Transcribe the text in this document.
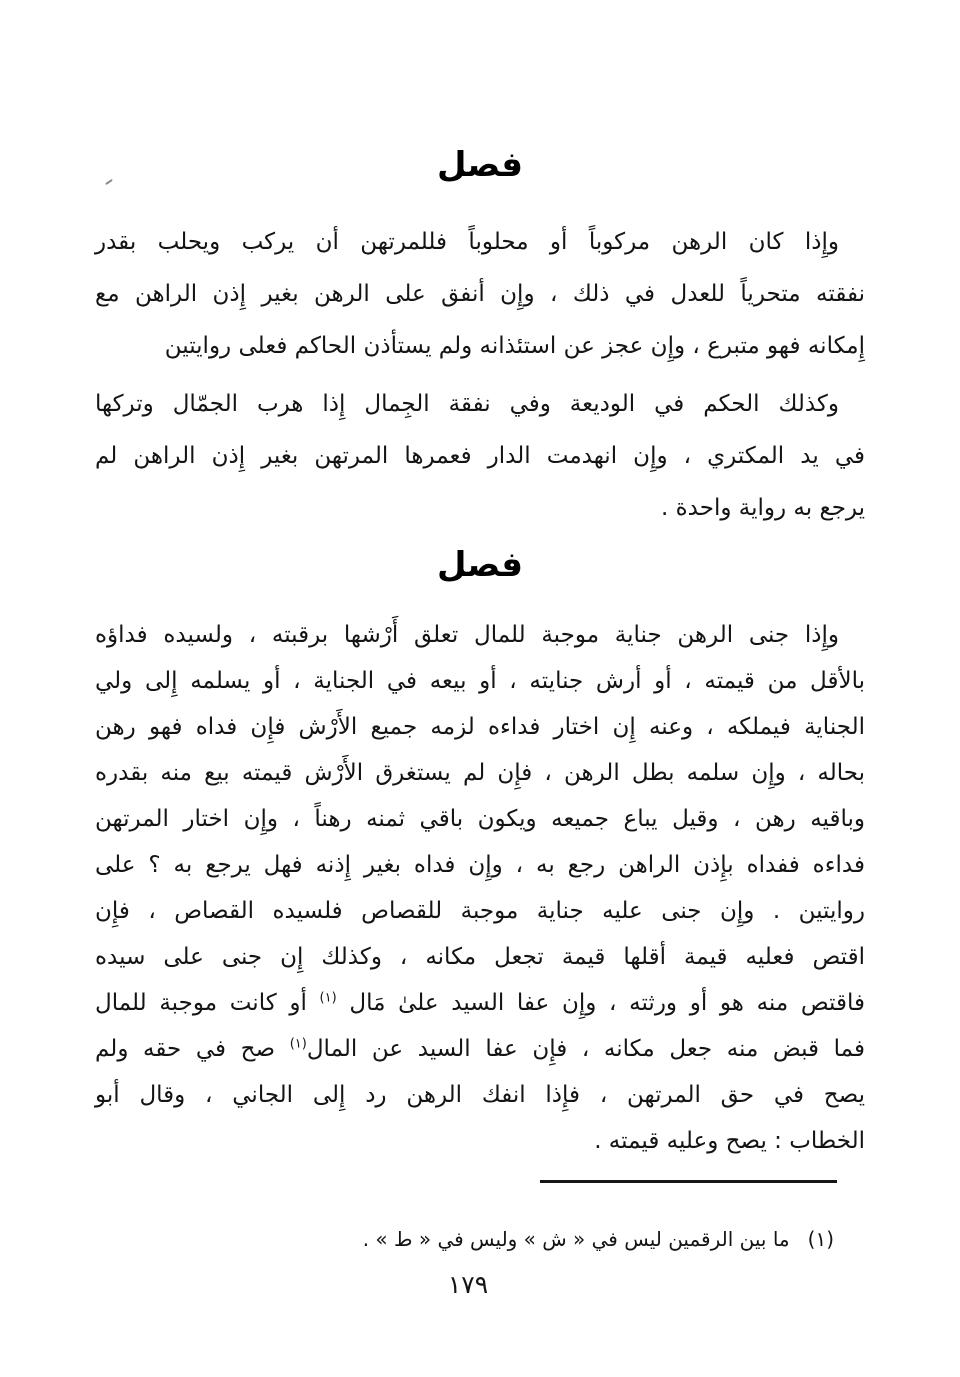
فصل
وإِذا كان الرهن مركوباً أو محلوباً فللمرتهن أن يركب ويحلب بقدر
نفقته متحرياً للعدل في ذلك ، وإِن أنفق على الرهن بغير إِذن الراهن مع
إِمكانه فهو متبرع ، وإِن عجز عن استئذانه ولم يستأذن الحاكم فعلى روايتين
وكذلك الحكم في الوديعة وفي نفقة الجِمال إِذا هرب الجمّال وتركها
في يد المكتري ، وإِن انهدمت الدار فعمرها المرتهن بغير إِذن الراهن لم
يرجع به رواية واحدة .
فصل
وإِذا جنى الرهن جناية موجبة للمال تعلق أَرْشها برقبته ، ولسيده فداؤه
بالأقل من قيمته ، أو أرش جنايته ، أو بيعه في الجناية ، أو يسلمه إِلى ولي
الجناية فيملكه ، وعنه إِن اختار فداءه لزمه جميع الأَرْش فإِن فداه فهو رهن
بحاله ، وإِن سلمه بطل الرهن ، فإِن لم يستغرق الأَرْش قيمته بيع منه بقدره
وباقيه رهن ، وقيل يباع جميعه ويكون باقي ثمنه رهناً ، وإِن اختار المرتهن
فداءه ففداه بإِذن الراهن رجع به ، وإِن فداه بغير إِذنه فهل يرجع به ؟ على
روايتين . وإِن جنى عليه جناية موجبة للقصاص فلسيده القصاص ، فإِن
اقتص فعليه قيمة أقلها قيمة تجعل مكانه ، وكذلك إِن جنى على سيده
فاقتص منه هو أو ورثته ، وإِن عفا السيد علىٰ مَال $^{(١)}$ أو كانت موجبة للمال
فما قبض منه جعل مكانه ، فإِن عفا السيد عن المال$^{(١)}$ صح في حقه ولم
يصح في حق المرتهن ، فإِذا انفك الرهن رد إِلى الجاني ، وقال أبو
الخطاب : يصح وعليه قيمته .
(١)ما بين الرقمين ليس في « ش » وليس في « ط » .
١٧٩
